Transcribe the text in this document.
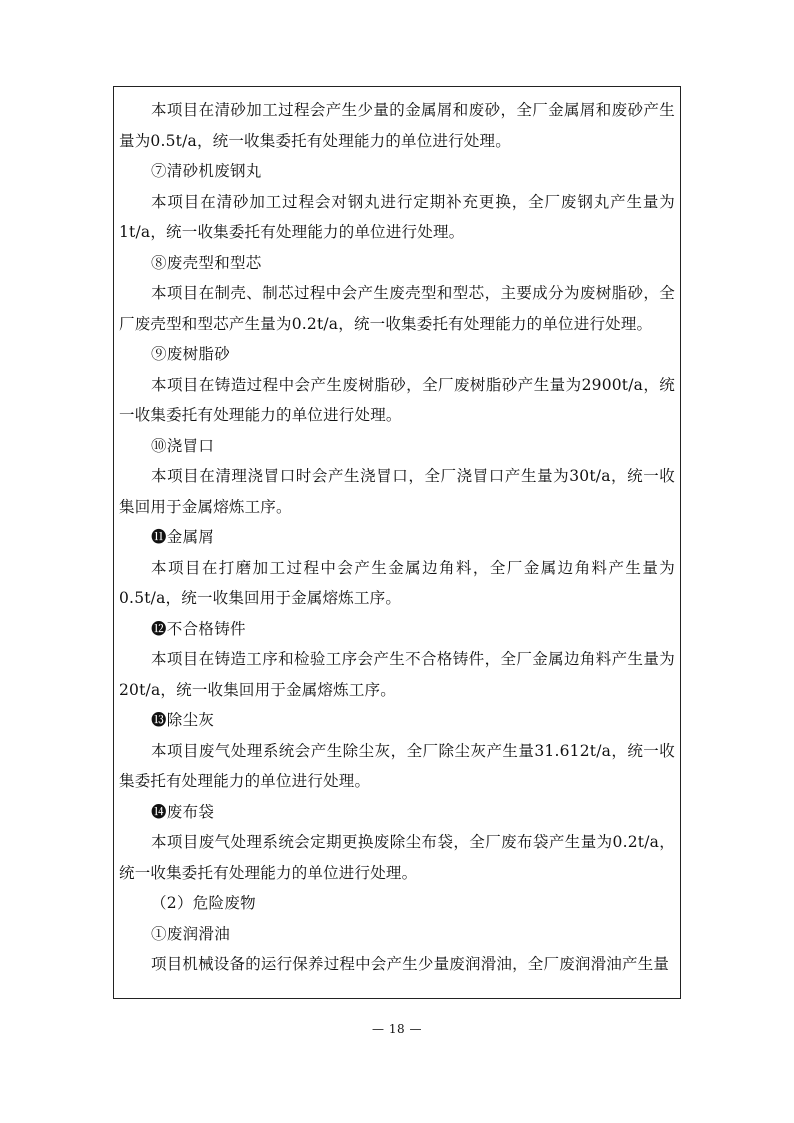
本项目在清砂加工过程会产生少量的金属屑和废砂，全厂金属屑和废砂产生量为0.5t/a，统一收集委托有处理能力的单位进行处理。

⑦清砂机废钢丸

本项目在清砂加工过程会对钢丸进行定期补充更换，全厂废钢丸产生量为1t/a，统一收集委托有处理能力的单位进行处理。

⑧废壳型和型芯

本项目在制壳、制芯过程中会产生废壳型和型芯，主要成分为废树脂砂，全厂废壳型和型芯产生量为0.2t/a，统一收集委托有处理能力的单位进行处理。

⑨废树脂砂

本项目在铸造过程中会产生废树脂砂，全厂废树脂砂产生量为2900t/a，统一收集委托有处理能力的单位进行处理。

⑩浇冒口

本项目在清理浇冒口时会产生浇冒口，全厂浇冒口产生量为30t/a，统一收集回用于金属熔炼工序。

⓫金属屑

本项目在打磨加工过程中会产生金属边角料，全厂金属边角料产生量为0.5t/a，统一收集回用于金属熔炼工序。

⓬不合格铸件

本项目在铸造工序和检验工序会产生不合格铸件，全厂金属边角料产生量为20t/a，统一收集回用于金属熔炼工序。

⓭除尘灰

本项目废气处理系统会产生除尘灰，全厂除尘灰产生量31.612t/a，统一收集委托有处理能力的单位进行处理。

⓮废布袋

本项目废气处理系统会定期更换废除尘布袋，全厂废布袋产生量为0.2t/a，统一收集委托有处理能力的单位进行处理。

（2）危险废物

①废润滑油

项目机械设备的运行保养过程中会产生少量废润滑油，全厂废润滑油产生量

— 18 —
